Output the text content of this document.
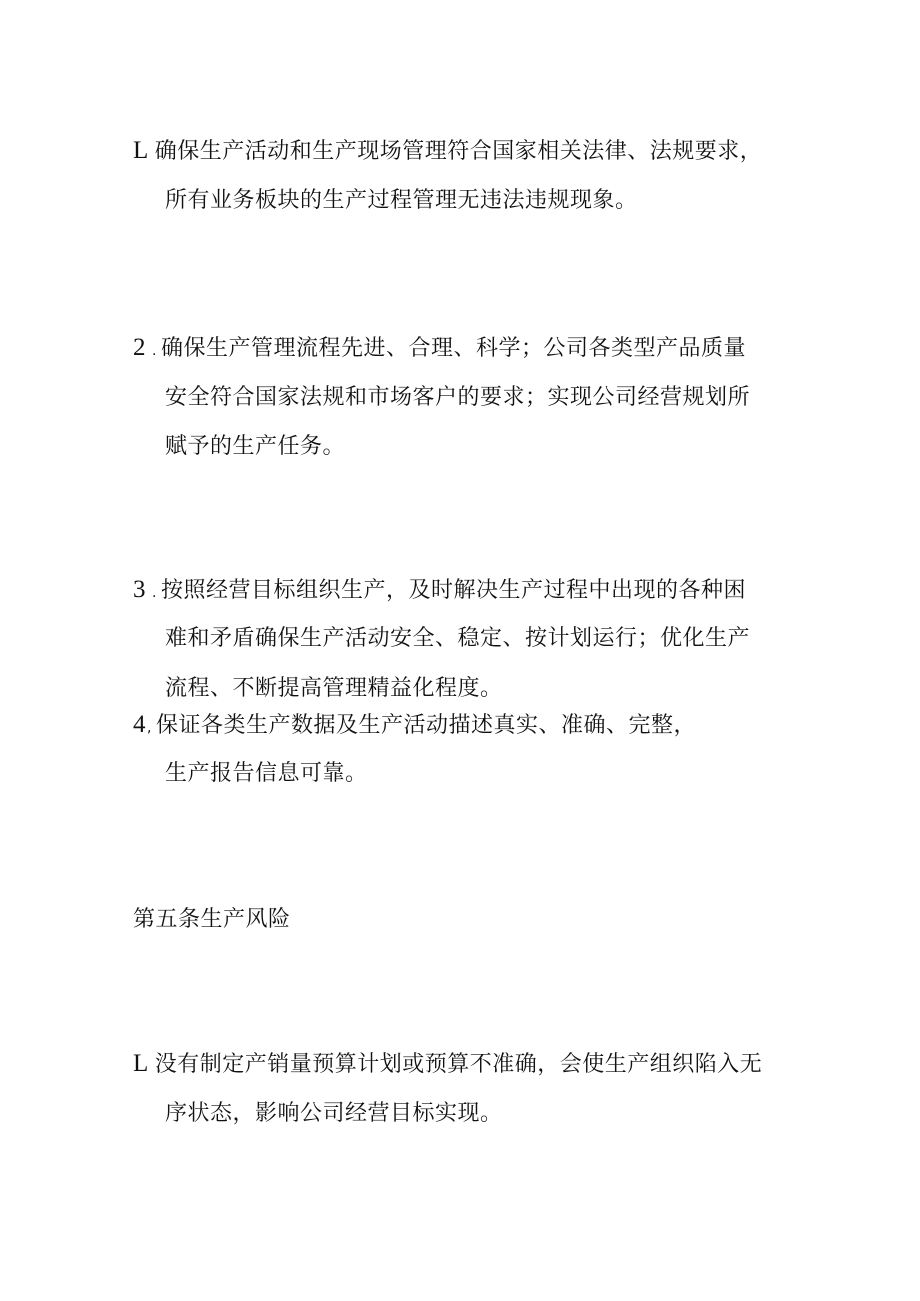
L 确保生产活动和生产现场管理符合国家相关法律、法规要求，
所有业务板块的生产过程管理无违法违规现象。
2 . 确保生产管理流程先进、合理、科学；公司各类型产品质量
安全符合国家法规和市场客户的要求；实现公司经营规划所
赋予的生产任务。
3 . 按照经营目标组织生产，及时解决生产过程中出现的各种困
难和矛盾确保生产活动安全、稳定、按计划运行；优化生产
流程、不断提高管理精益化程度。
4, 保证各类生产数据及生产活动描述真实、准确、完整，
生产报告信息可靠。
第五条生产风险
L 没有制定产销量预算计划或预算不准确，会使生产组织陷入无
序状态，影响公司经营目标实现。
